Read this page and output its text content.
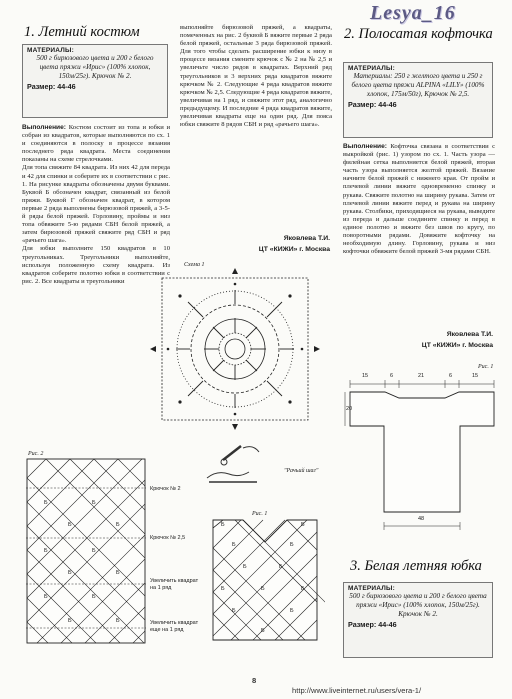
Lesya_16
1. Летний костюм
МАТЕРИАЛЫ:
500 г бирюзового цвета и 200 г белого цвета пряжи «Ирис» (100% хлопок, 150м/25г). Крючок № 2.
Размер: 44-46

Выполнение: Костюм состоит из топа и юбки и собран из квадратов, которые выполняются по сх. 1 и соединяются в полоску в процессе вязания последнего ряда квадрата. Места соединения показаны на схеме стрелочками.

Для топа свяжите 84 квадрата. Из них 42 для переда и 42 для спинки и соберите их в соответствии с рис. 1. На рисунке квадраты обозначены двумя буквами. Буквой Б обозначен квадрат, связанный из белой пряжи. Буквой Г обозначен квадрат, в котором первые 2 ряда выполнены бирюзовой пряжей, а 3-5-й ряды белой пряжей. Горловину, проймы и низ топа обвяжите 5-ю рядами СБН белой пряжей, а затем бирюзовой пряжей свяжите ряд СБН и ряд «рачьего шага».

Для юбки выполните 150 квадратов в 10 треугольниках. Треугольники выполняйте, используя положенную схему квадрата. Из квадратов соберите полотно юбки в соответствии с рис. 2. Все квадраты и треугольники

выполняйте бирюзовой пряжей, а квадраты, помеченных на рис. 2 буквой Б вяжите первые 2 ряда белой пряжей, остальные 3 ряда бирюзовой пряжей. Для того чтобы сделать расширение юбки к низу в процессе вязания смените крючок с № 2 на № 2,5 и увеличьте число рядов в квадратах. Верхний ряд треугольников и 3 верхних ряда квадратов вяжите крючком № 2. Следующие 4 ряда квадратов вяжите крючком № 2,5. Следующие 4 ряда квадратов вяжите, увеличивая на 1 ряд, и свяжите этот ряд, аналогично предыдущему. И последние 4 ряда квадратов вяжите, увеличивая квадраты еще на один ряд. Для пояса юбки свяжите 8 рядов СБН и ряд «рачьего шага».
Яковлева Т.И.
ЦТ «КИЖИ» г. Москва
Схема 1
"Рачьий шаг"
Рис. 1
Б	Б
Б	Б
Б	Б
Б	Б
Б
Б	Б
Б
Рис. 2
Б	Б
Б	Б
Б	Б
Б	Б
Б	Б
Б	Б
Крючок № 2
Крючок № 2,5
Увеличить квадрат на 1 ряд
Увеличить квадрат еще на 1 ряд
2. Полосатая кофточка
МАТЕРИАЛЫ:
Материалы: 250 г желтого цвета и 250 г белого цвета пряжи ALPINA «LILY» (100% хлопок, 175м/50г), Крючок № 2,5.
Размер: 44-46
Выполнение: Кофточка связана в соответствии с выкройкой (рис. 1) узором по сх. 1. Часть узора — филейная сетка выполняется белой пряжей, вторая часть узора выполняется желтой пряжей. Вязание начните белой пряжей с нижнего края. От пройм и плечевой линии вяжите одновременно спинку и рукава. Свяжите полотно на ширину рукава. Затем от плечевой линии вяжите перед и рукава на ширину рукава. Столбики, приходящиеся на рукава, выведите из переда и дальше соедините спинку и перед в единое полотно и вяжите без швов по кругу, по поворотными рядами. Довяжите кофточку на необходимую длину. Горловину, рукава и низ кофточки обвяжите белой пряжей 3-мя рядами СБН.
Яковлева Т.И.
ЦТ «КИЖИ» г. Москва
Рис. 1
15	6	21	6	15
20
48
3. Белая летняя юбка
МАТЕРИАЛЫ:
500 г бирюзового цвета и 200 г белого цвета пряжи «Ирис» (100% хлопок, 150м/25г). Крючок № 2.
Размер: 44-46
8
http://www.liveinternet.ru/users/vera-1/
